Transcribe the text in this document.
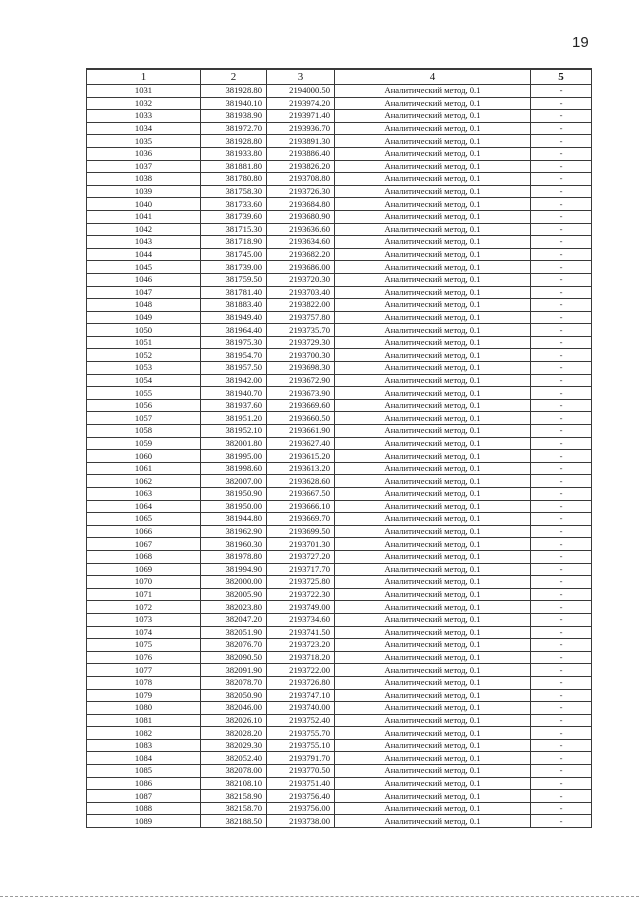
19
1	2	3	4	5
1031	381928.80	2194000.50	Аналитический метод, 0.1	-
1032	381940.10	2193974.20	Аналитический метод, 0.1	-
1033	381938.90	2193971.40	Аналитический метод, 0.1	-
1034	381972.70	2193936.70	Аналитический метод, 0.1	-
1035	381928.80	2193891.30	Аналитический метод, 0.1	-
1036	381933.80	2193886.40	Аналитический метод, 0.1	-
1037	381881.80	2193826.20	Аналитический метод, 0.1	-
1038	381780.80	2193708.80	Аналитический метод, 0.1	-
1039	381758.30	2193726.30	Аналитический метод, 0.1	-
1040	381733.60	2193684.80	Аналитический метод, 0.1	-
1041	381739.60	2193680.90	Аналитический метод, 0.1	-
1042	381715.30	2193636.60	Аналитический метод, 0.1	-
1043	381718.90	2193634.60	Аналитический метод, 0.1	-
1044	381745.00	2193682.20	Аналитический метод, 0.1	-
1045	381739.00	2193686.00	Аналитический метод, 0.1	-
1046	381759.50	2193720.30	Аналитический метод, 0.1	-
1047	381781.40	2193703.40	Аналитический метод, 0.1	-
1048	381883.40	2193822.00	Аналитический метод, 0.1	-
1049	381949.40	2193757.80	Аналитический метод, 0.1	-
1050	381964.40	2193735.70	Аналитический метод, 0.1	-
1051	381975.30	2193729.30	Аналитический метод, 0.1	-
1052	381954.70	2193700.30	Аналитический метод, 0.1	-
1053	381957.50	2193698.30	Аналитический метод, 0.1	-
1054	381942.00	2193672.90	Аналитический метод, 0.1	-
1055	381940.70	2193673.90	Аналитический метод, 0.1	-
1056	381937.60	2193669.60	Аналитический метод, 0.1	-
1057	381951.20	2193660.50	Аналитический метод, 0.1	-
1058	381952.10	2193661.90	Аналитический метод, 0.1	-
1059	382001.80	2193627.40	Аналитический метод, 0.1	-
1060	381995.00	2193615.20	Аналитический метод, 0.1	-
1061	381998.60	2193613.20	Аналитический метод, 0.1	-
1062	382007.00	2193628.60	Аналитический метод, 0.1	-
1063	381950.90	2193667.50	Аналитический метод, 0.1	-
1064	381950.00	2193666.10	Аналитический метод, 0.1	-
1065	381944.80	2193669.70	Аналитический метод, 0.1	-
1066	381962.90	2193699.50	Аналитический метод, 0.1	-
1067	381960.30	2193701.30	Аналитический метод, 0.1	-
1068	381978.80	2193727.20	Аналитический метод, 0.1	-
1069	381994.90	2193717.70	Аналитический метод, 0.1	-
1070	382000.00	2193725.80	Аналитический метод, 0.1	-
1071	382005.90	2193722.30	Аналитический метод, 0.1	-
1072	382023.80	2193749.00	Аналитический метод, 0.1	-
1073	382047.20	2193734.60	Аналитический метод, 0.1	-
1074	382051.90	2193741.50	Аналитический метод, 0.1	-
1075	382076.70	2193723.20	Аналитический метод, 0.1	-
1076	382090.50	2193718.20	Аналитический метод, 0.1	-
1077	382091.90	2193722.00	Аналитический метод, 0.1	-
1078	382078.70	2193726.80	Аналитический метод, 0.1	-
1079	382050.90	2193747.10	Аналитический метод, 0.1	-
1080	382046.00	2193740.00	Аналитический метод, 0.1	-
1081	382026.10	2193752.40	Аналитический метод, 0.1	-
1082	382028.20	2193755.70	Аналитический метод, 0.1	-
1083	382029.30	2193755.10	Аналитический метод, 0.1	-
1084	382052.40	2193791.70	Аналитический метод, 0.1	-
1085	382078.00	2193770.50	Аналитический метод, 0.1	-
1086	382108.10	2193751.40	Аналитический метод, 0.1	-
1087	382158.90	2193756.40	Аналитический метод, 0.1	-
1088	382158.70	2193756.00	Аналитический метод, 0.1	-
1089	382188.50	2193738.00	Аналитический метод, 0.1	-
